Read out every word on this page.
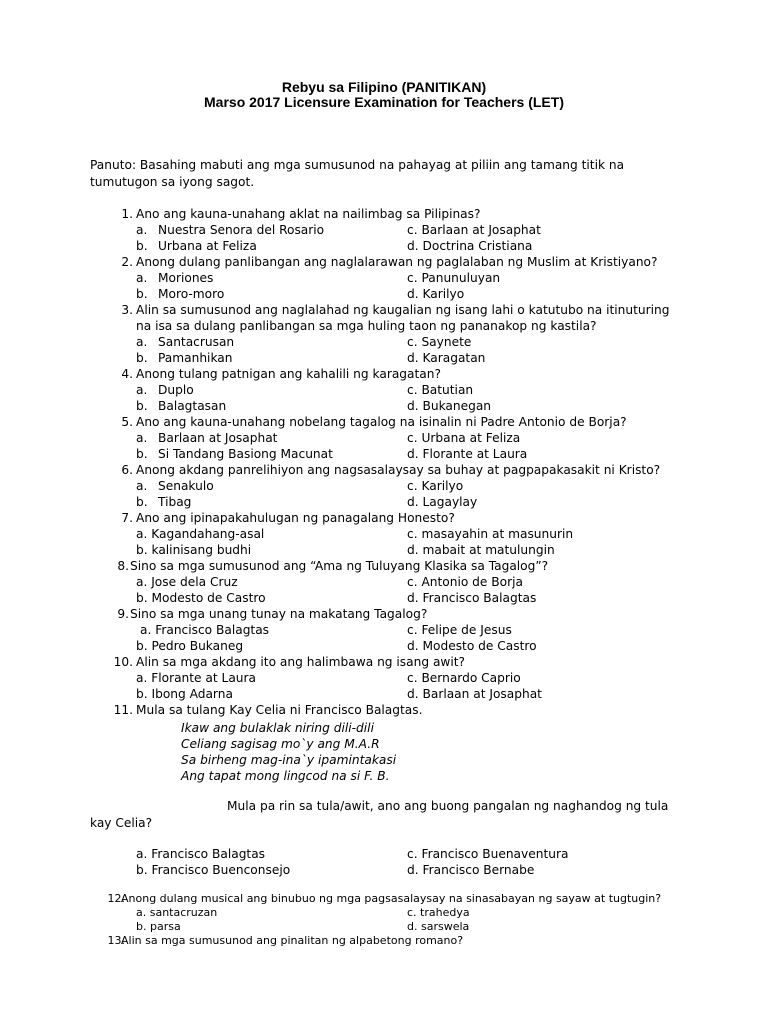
Rebyu sa Filipino (PANITIKAN)
Marso 2017 Licensure Examination for Teachers (LET)
Panuto: Basahing mabuti ang mga sumusunod na pahayag at piliin ang tamang titik na tumutugon sa iyong sagot.
1. Ano ang kauna-unahang aklat na nailimbag sa Pilipinas?
a. Nuestra Senora del Rosario	c. Barlaan at Josaphat
b. Urbana at Feliza	d. Doctrina Cristiana
2. Anong dulang panlibangan ang naglalarawan ng paglalaban ng Muslim at Kristiyano?
a. Moriones	c. Panunuluyan
b. Moro-moro	d. Karilyo
3. Alin sa sumusunod ang naglalahad ng kaugalian ng isang lahi o katutubo na itinuturing na isa sa dulang panlibangan sa mga huling taon ng pananakop ng kastila?
a. Santacrusan	c. Saynete
b. Pamanhikan	d. Karagatan
4. Anong tulang patnigan ang kahalili ng karagatan?
a. Duplo	c. Batutian
b. Balagtasan	d. Bukanegan
5. Ano ang kauna-unahang nobelang tagalog na isinalin ni Padre Antonio de Borja?
a. Barlaan at Josaphat	c. Urbana at Feliza
b. Si Tandang Basiong Macunat	d. Florante at Laura
6. Anong akdang panrelihiyon ang nagsasalaysay sa buhay at pagpapakasakit ni Kristo?
a. Senakulo	c. Karilyo
b. Tibag	d. Lagaylay
7. Ano ang ipinapakahulugan ng panagalang Honesto?
a. Kagandahang-asal	c. masayahin at masunurin
b. kalinisang budhi	d. mabait at matulungin
8. Sino sa mga sumusunod ang “Ama ng Tuluyang Klasika sa Tagalog”?
a. Jose dela Cruz	c. Antonio de Borja
b. Modesto de Castro	d. Francisco Balagtas
9. Sino sa mga unang tunay na makatang Tagalog?
a. Francisco Balagtas	c. Felipe de Jesus
b. Pedro Bukaneg	d. Modesto de Castro
10. Alin sa mga akdang ito ang halimbawa ng isang awit?
a. Florante at Laura	c. Bernardo Caprio
b. Ibong Adarna	d. Barlaan at Josaphat
11. Mula sa tulang Kay Celia ni Francisco Balagtas.
Ikaw ang bulaklak niring dili-dili
Celiang sagisag mo`y ang M.A.R
Sa birheng mag-ina`y ipamintakasi
Ang tapat mong lingcod na si F. B.
Mula pa rin sa tula/awit, ano ang buong pangalan ng naghandog ng tula kay Celia?
a. Francisco Balagtas	c. Francisco Buenaventura
b. Francisco Buenconsejo	d. Francisco Bernabe
12.
Anong dulang musical ang binubuo ng mga pagsasalaysay na sinasabayan ng sayaw at tugtugin?
a. santacruzan	c. trahedya
b. parsa	d. sarswela
13.
Alin sa mga sumusunod ang pinalitan ng alpabetong romano?
